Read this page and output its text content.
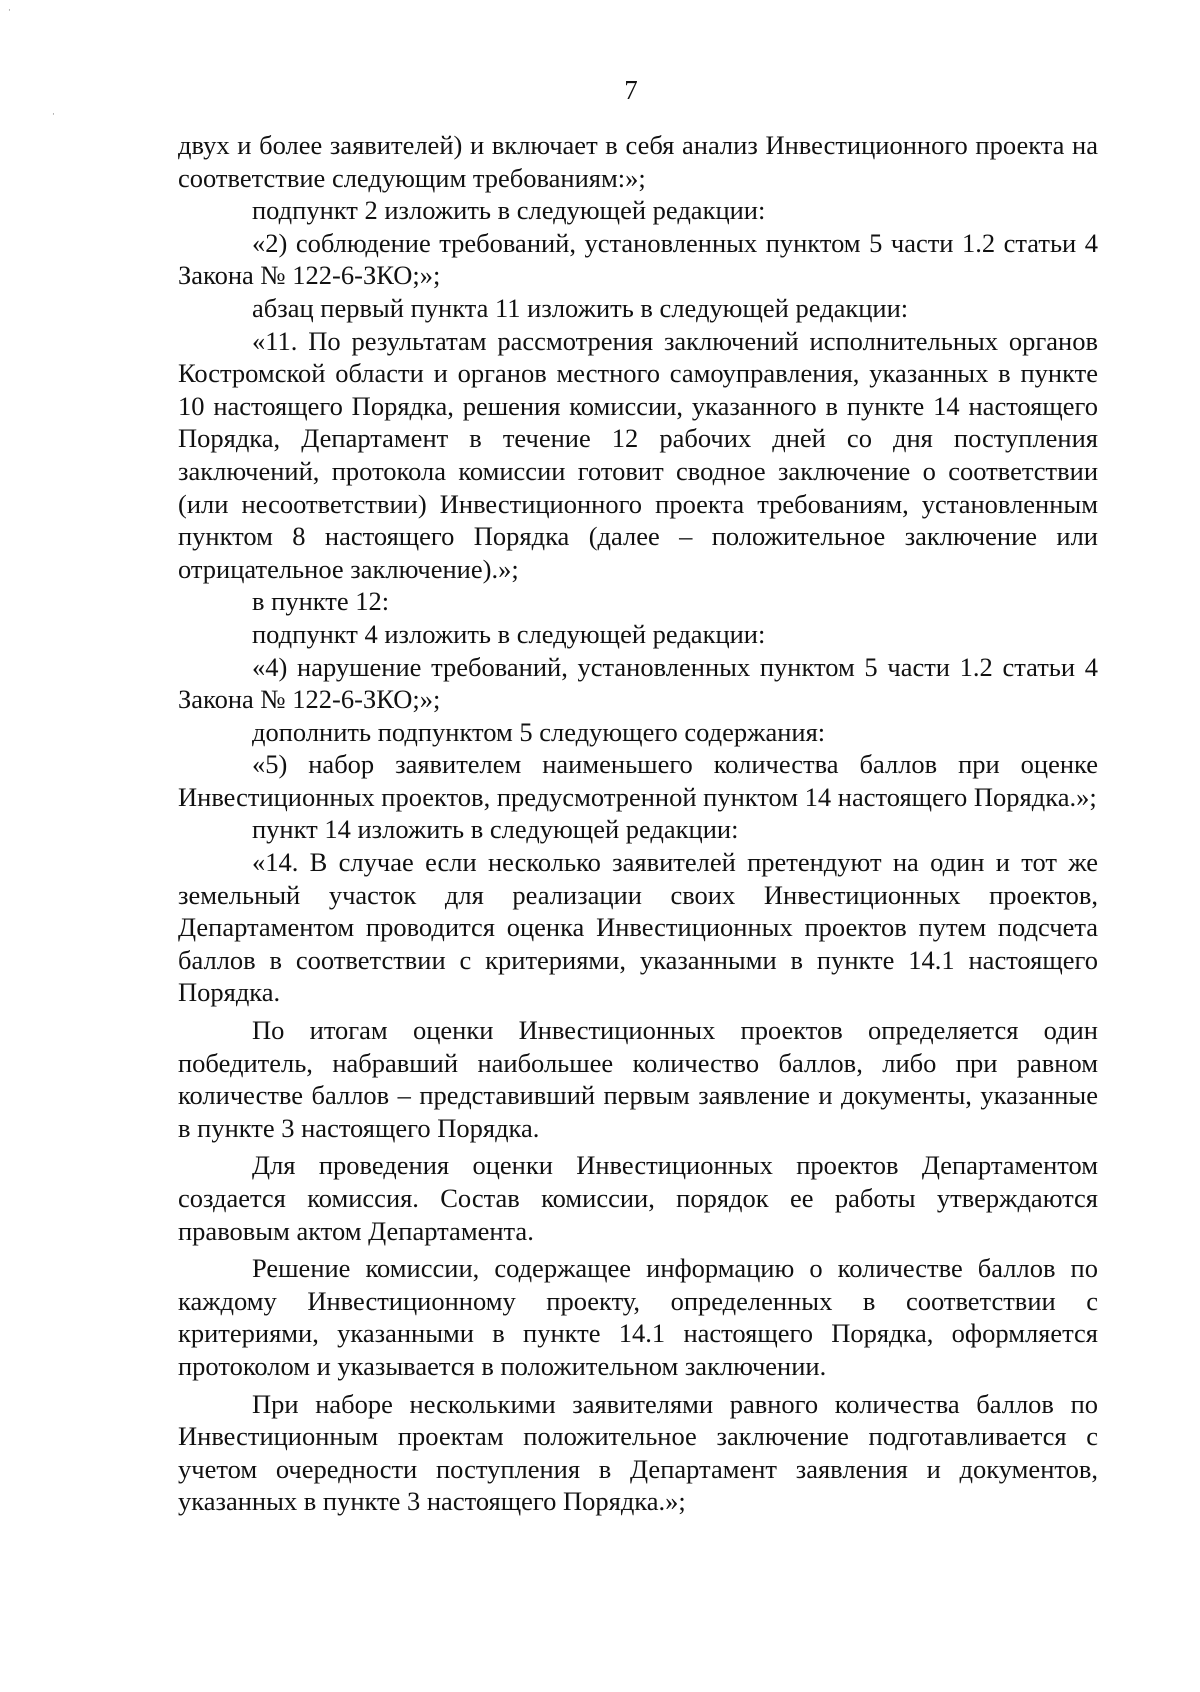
·
·
7

двух и более заявителей) и включает в себя анализ Инвестиционного проекта на соответствие следующим требованиям:»;

подпункт 2 изложить в следующей редакции:

«2) соблюдение требований, установленных пунктом 5 части 1.2 статьи 4 Закона № 122-6-ЗКО;»;

абзац первый пункта 11 изложить в следующей редакции:

«11. По результатам рассмотрения заключений исполнительных органов Костромской области и органов местного самоуправления, указанных в пункте 10 настоящего Порядка, решения комиссии, указанного в пункте 14 настоящего Порядка, Департамент в течение 12 рабочих дней со дня поступления заключений, протокола комиссии готовит сводное заключение о соответствии (или несоответствии) Инвестиционного проекта требованиям, установленным пунктом 8 настоящего Порядка (далее – положительное заключение или отрицательное заключение).»;

в пункте 12:

подпункт 4 изложить в следующей редакции:

«4) нарушение требований, установленных пунктом 5 части 1.2 статьи 4 Закона № 122-6-ЗКО;»;

дополнить подпунктом 5 следующего содержания:

«5) набор заявителем наименьшего количества баллов при оценке Инвестиционных проектов, предусмотренной пунктом 14 настоящего Порядка.»;

пункт 14 изложить в следующей редакции:

«14. В случае если несколько заявителей претендуют на один и тот же земельный участок для реализации своих Инвестиционных проектов, Департаментом проводится оценка Инвестиционных проектов путем подсчета баллов в соответствии с критериями, указанными в пункте 14.1 настоящего Порядка.

По итогам оценки Инвестиционных проектов определяется один победитель, набравший наибольшее количество баллов, либо при равном количестве баллов – представивший первым заявление и документы, указанные в пункте 3 настоящего Порядка.

Для проведения оценки Инвестиционных проектов Департаментом создается комиссия. Состав комиссии, порядок ее работы утверждаются правовым актом Департамента.

Решение комиссии, содержащее информацию о количестве баллов по каждому Инвестиционному проекту, определенных в соответствии с критериями, указанными в пункте 14.1 настоящего Порядка, оформляется протоколом и указывается в положительном заключении.

При наборе несколькими заявителями равного количества баллов по Инвестиционным проектам положительное заключение подготавливается с учетом очередности поступления в Департамент заявления и документов, указанных в пункте 3 настоящего Порядка.»;
